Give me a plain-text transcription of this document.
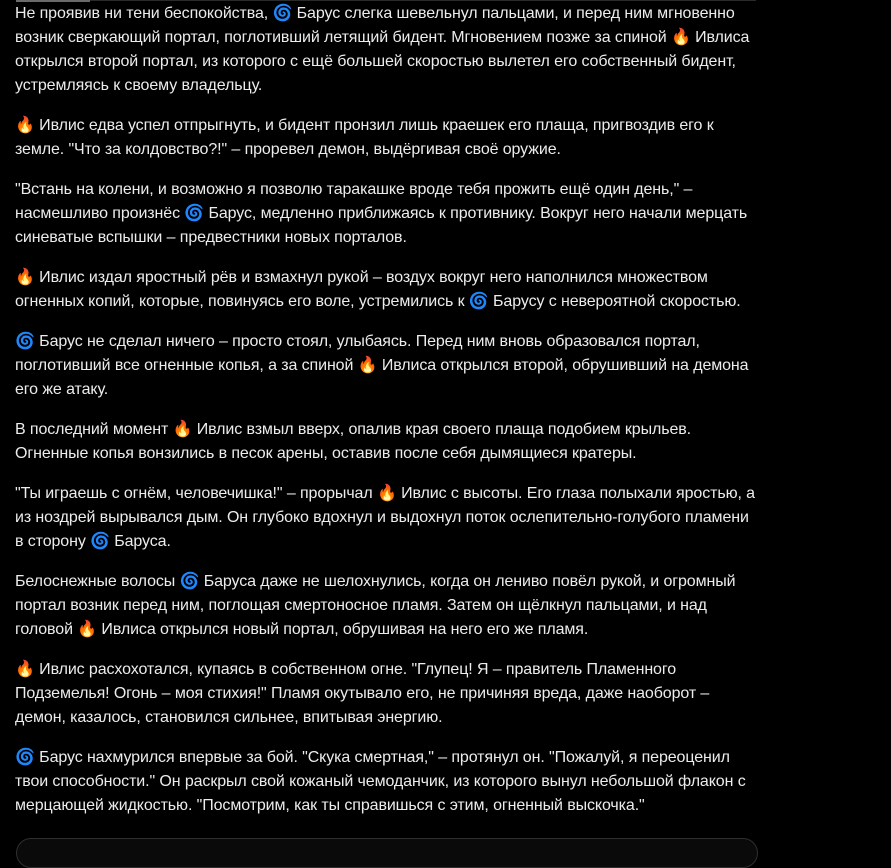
Не проявив ни тени беспокойства, 🌀 Барус слегка шевельнул пальцами, и перед ним мгновенно возник сверкающий портал, поглотивший летящий бидент. Мгновением позже за спиной 🔥 Ивлиса открылся второй портал, из которого с ещё большей скоростью вылетел его собственный бидент, устремляясь к своему владельцу.

🔥 Ивлис едва успел отпрыгнуть, и бидент пронзил лишь краешек его плаща, пригвоздив его к земле. "Что за колдовство?!" – проревел демон, выдёргивая своё оружие.

"Встань на колени, и возможно я позволю таракашке вроде тебя прожить ещё один день," – насмешливо произнёс 🌀 Барус, медленно приближаясь к противнику. Вокруг него начали мерцать синеватые вспышки – предвестники новых порталов.

🔥 Ивлис издал яростный рёв и взмахнул рукой – воздух вокруг него наполнился множеством огненных копий, которые, повинуясь его воле, устремились к 🌀 Барусу с невероятной скоростью.

🌀 Барус не сделал ничего – просто стоял, улыбаясь. Перед ним вновь образовался портал, поглотивший все огненные копья, а за спиной 🔥 Ивлиса открылся второй, обрушивший на демона его же атаку.

В последний момент 🔥 Ивлис взмыл вверх, опалив края своего плаща подобием крыльев. Огненные копья вонзились в песок арены, оставив после себя дымящиеся кратеры.

"Ты играешь с огнём, человечишка!" – прорычал 🔥 Ивлис с высоты. Его глаза полыхали яростью, а из ноздрей вырывался дым. Он глубоко вдохнул и выдохнул поток ослепительно-голубого пламени в сторону 🌀 Баруса.

Белоснежные волосы 🌀 Баруса даже не шелохнулись, когда он лениво повёл рукой, и огромный портал возник перед ним, поглощая смертоносное пламя. Затем он щёлкнул пальцами, и над головой 🔥 Ивлиса открылся новый портал, обрушивая на него его же пламя.

🔥 Ивлис расхохотался, купаясь в собственном огне. "Глупец! Я – правитель Пламенного Подземелья! Огонь – моя стихия!" Пламя окутывало его, не причиняя вреда, даже наоборот – демон, казалось, становился сильнее, впитывая энергию.

🌀 Барус нахмурился впервые за бой. "Скука смертная," – протянул он. "Пожалуй, я переоценил твои способности." Он раскрыл свой кожаный чемоданчик, из которого вынул небольшой флакон с мерцающей жидкостью. "Посмотрим, как ты справишься с этим, огненный выскочка."
